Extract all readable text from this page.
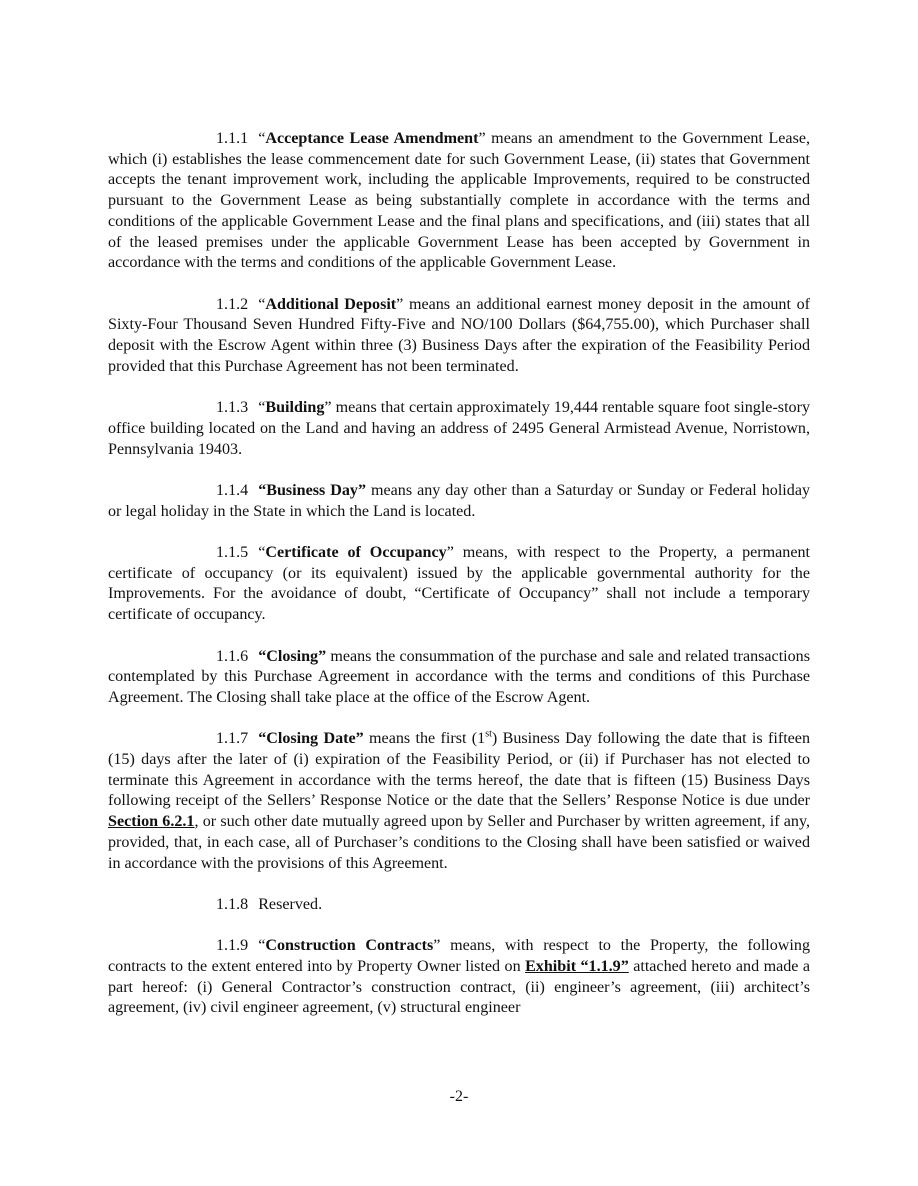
1.1.1 “Acceptance Lease Amendment” means an amendment to the Government Lease, which (i) establishes the lease commencement date for such Government Lease, (ii) states that Government accepts the tenant improvement work, including the applicable Improvements, required to be constructed pursuant to the Government Lease as being substantially complete in accordance with the terms and conditions of the applicable Government Lease and the final plans and specifications, and (iii) states that all of the leased premises under the applicable Government Lease has been accepted by Government in accordance with the terms and conditions of the applicable Government Lease.

1.1.2 “Additional Deposit” means an additional earnest money deposit in the amount of Sixty-Four Thousand Seven Hundred Fifty-Five and NO/100 Dollars ($64,755.00), which Purchaser shall deposit with the Escrow Agent within three (3) Business Days after the expiration of the Feasibility Period provided that this Purchase Agreement has not been terminated.

1.1.3 “Building” means that certain approximately 19,444 rentable square foot single-story office building located on the Land and having an address of 2495 General Armistead Avenue, Norristown, Pennsylvania 19403.

1.1.4 “Business Day” means any day other than a Saturday or Sunday or Federal holiday or legal holiday in the State in which the Land is located.

1.1.5 “Certificate of Occupancy” means, with respect to the Property, a permanent certificate of occupancy (or its equivalent) issued by the applicable governmental authority for the Improvements. For the avoidance of doubt, “Certificate of Occupancy” shall not include a temporary certificate of occupancy.

1.1.6 “Closing” means the consummation of the purchase and sale and related transactions contemplated by this Purchase Agreement in accordance with the terms and conditions of this Purchase Agreement. The Closing shall take place at the office of the Escrow Agent.

1.1.7 “Closing Date” means the first (1st) Business Day following the date that is fifteen (15) days after the later of (i) expiration of the Feasibility Period, or (ii) if Purchaser has not elected to terminate this Agreement in accordance with the terms hereof, the date that is fifteen (15) Business Days following receipt of the Sellers’ Response Notice or the date that the Sellers’ Response Notice is due under Section 6.2.1, or such other date mutually agreed upon by Seller and Purchaser by written agreement, if any, provided, that, in each case, all of Purchaser’s conditions to the Closing shall have been satisfied or waived in accordance with the provisions of this Agreement.

1.1.8 Reserved.

1.1.9 “Construction Contracts” means, with respect to the Property, the following contracts to the extent entered into by Property Owner listed on Exhibit “1.1.9” attached hereto and made a part hereof: (i) General Contractor’s construction contract, (ii) engineer’s agreement, (iii) architect’s agreement, (iv) civil engineer agreement, (v) structural engineer

-2-
